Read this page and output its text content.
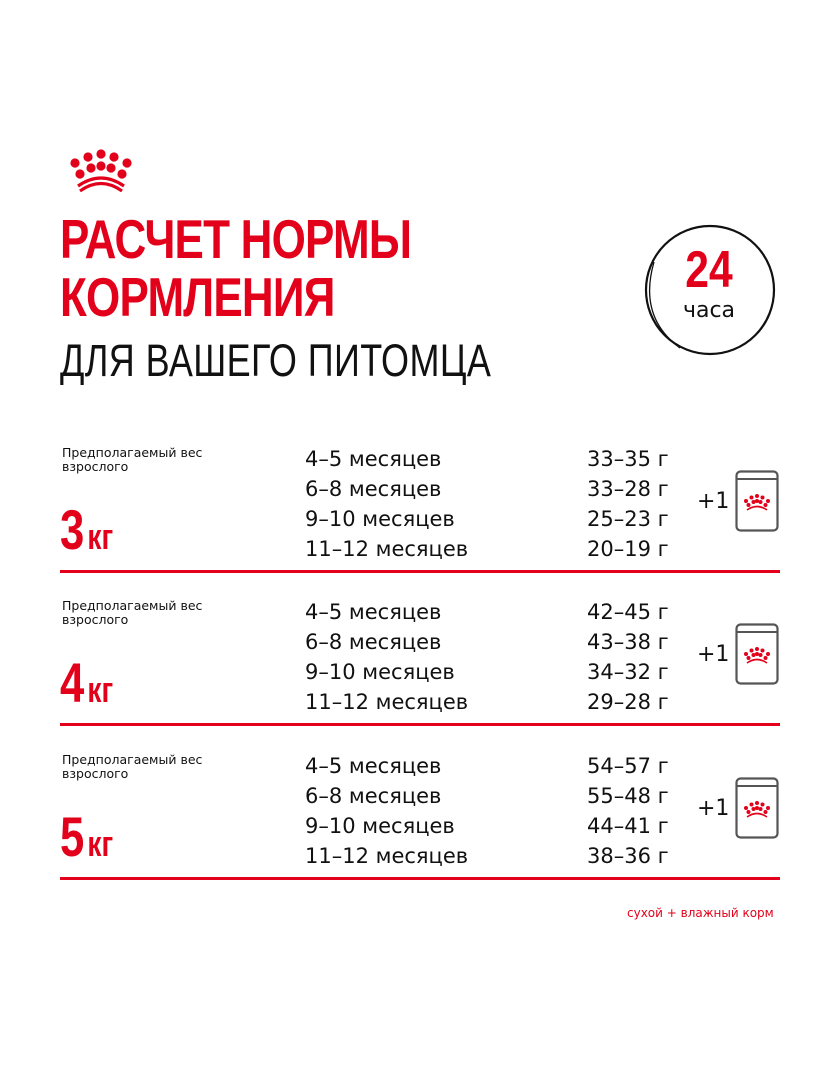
РАСЧЕТ НОРМЫ
КОРМЛЕНИЯ
ДЛЯ ВАШЕГО ПИТОМЦА
24
часа
Предполагаемый вес взрослого
3кг
4–5 месяцев	33–35 г
6–8 месяцев	33–28 г
9–10 месяцев	25–23 г
11–12 месяцев	20–19 г
+1
Предполагаемый вес взрослого
4кг
4–5 месяцев	42–45 г
6–8 месяцев	43–38 г
9–10 месяцев	34–32 г
11–12 месяцев	29–28 г
+1
Предполагаемый вес взрослого
5кг
4–5 месяцев	54–57 г
6–8 месяцев	55–48 г
9–10 месяцев	44–41 г
11–12 месяцев	38–36 г
+1
сухой + влажный корм
